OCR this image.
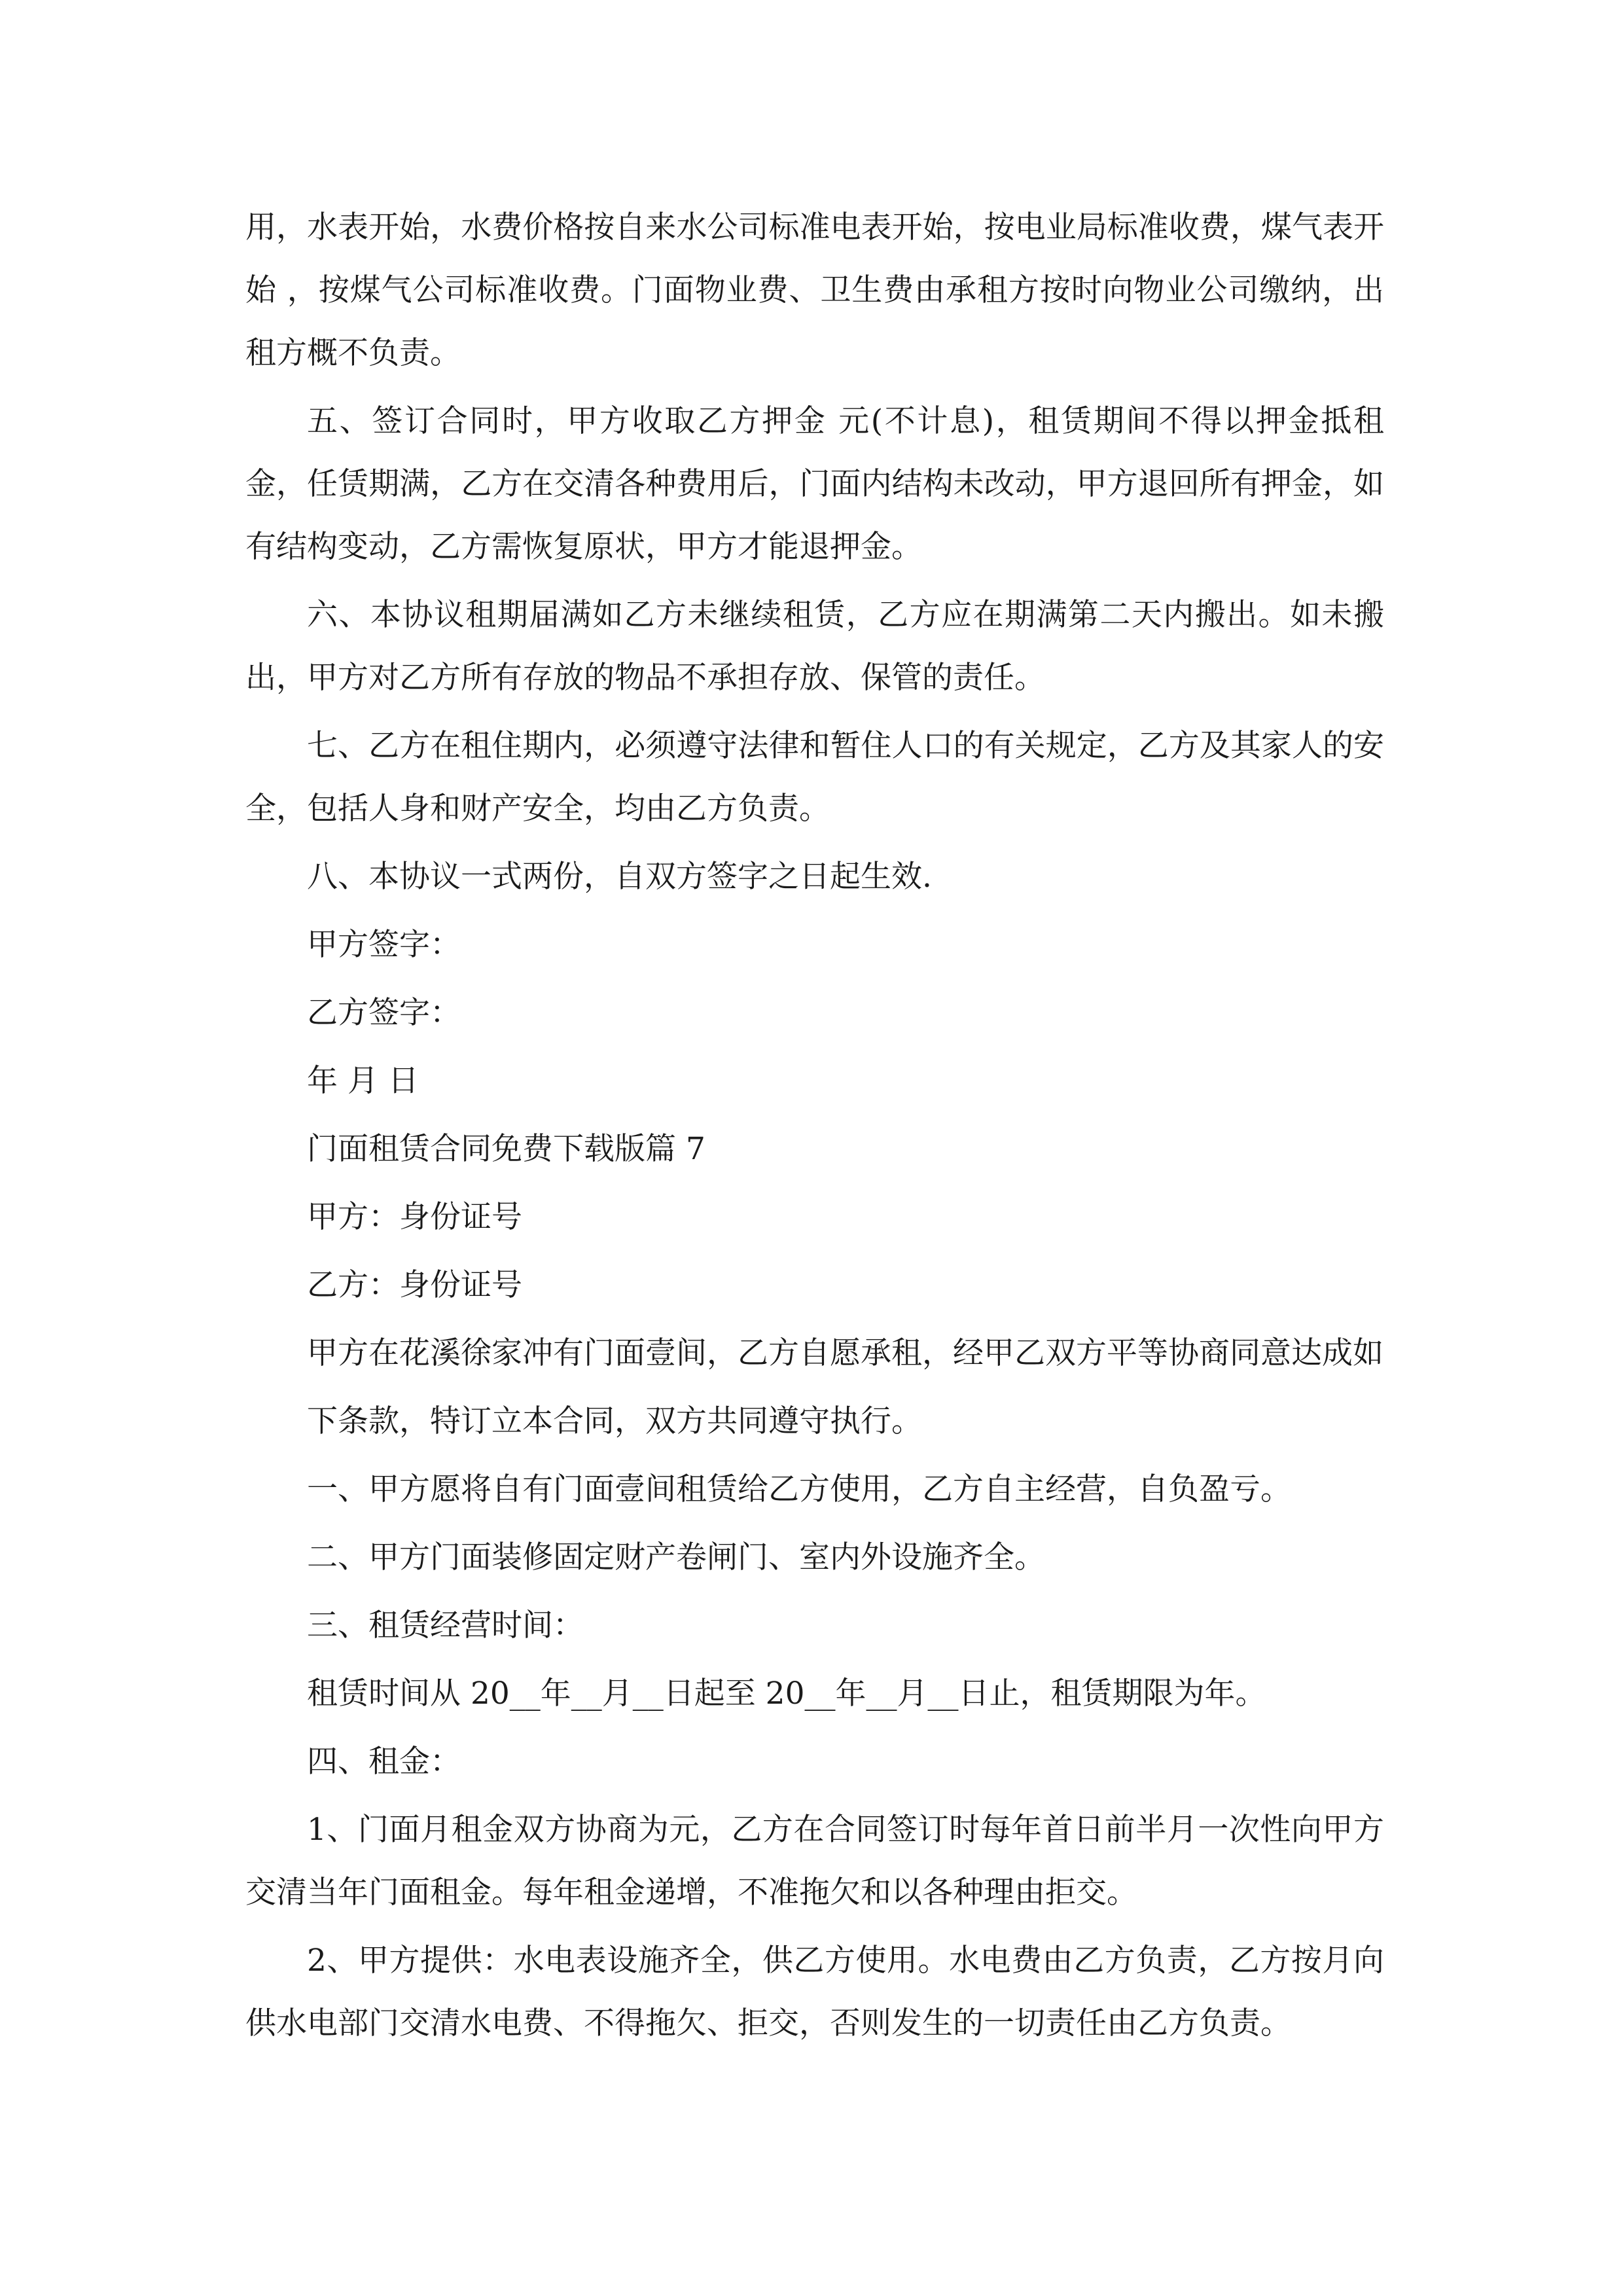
用，水表开始，水费价格按自来水公司标准电表开始，按电业局标准收费，煤气表开始 ，按煤气公司标准收费。门面物业费、卫生费由承租方按时向物业公司缴纳，出租方概不负责。

五、签订合同时，甲方收取乙方押金 元(不计息)，租赁期间不得以押金抵租金，任赁期满，乙方在交清各种费用后，门面内结构未改动，甲方退回所有押金，如有结构变动，乙方需恢复原状，甲方才能退押金。

六、本协议租期届满如乙方未继续租赁，乙方应在期满第二天内搬出。如未搬出，甲方对乙方所有存放的物品不承担存放、保管的责任。

七、乙方在租住期内，必须遵守法律和暂住人口的有关规定，乙方及其家人的安全，包括人身和财产安全，均由乙方负责。

八、本协议一式两份，自双方签字之日起生效.

甲方签字：

乙方签字：

年 月 日

门面租赁合同免费下载版篇 7

甲方：身份证号

乙方：身份证号

甲方在花溪徐家冲有门面壹间，乙方自愿承租，经甲乙双方平等协商同意达成如

下条款，特订立本合同，双方共同遵守执行。

一、甲方愿将自有门面壹间租赁给乙方使用，乙方自主经营，自负盈亏。

二、甲方门面装修固定财产卷闸门、室内外设施齐全。

三、租赁经营时间：

租赁时间从 20__年__月__日起至 20__年__月__日止，租赁期限为年。

四、租金：

1、门面月租金双方协商为元，乙方在合同签订时每年首日前半月一次性向甲方交清当年门面租金。每年租金递增，不准拖欠和以各种理由拒交。

2、甲方提供：水电表设施齐全，供乙方使用。水电费由乙方负责，乙方按月向供水电部门交清水电费、不得拖欠、拒交，否则发生的一切责任由乙方负责。
